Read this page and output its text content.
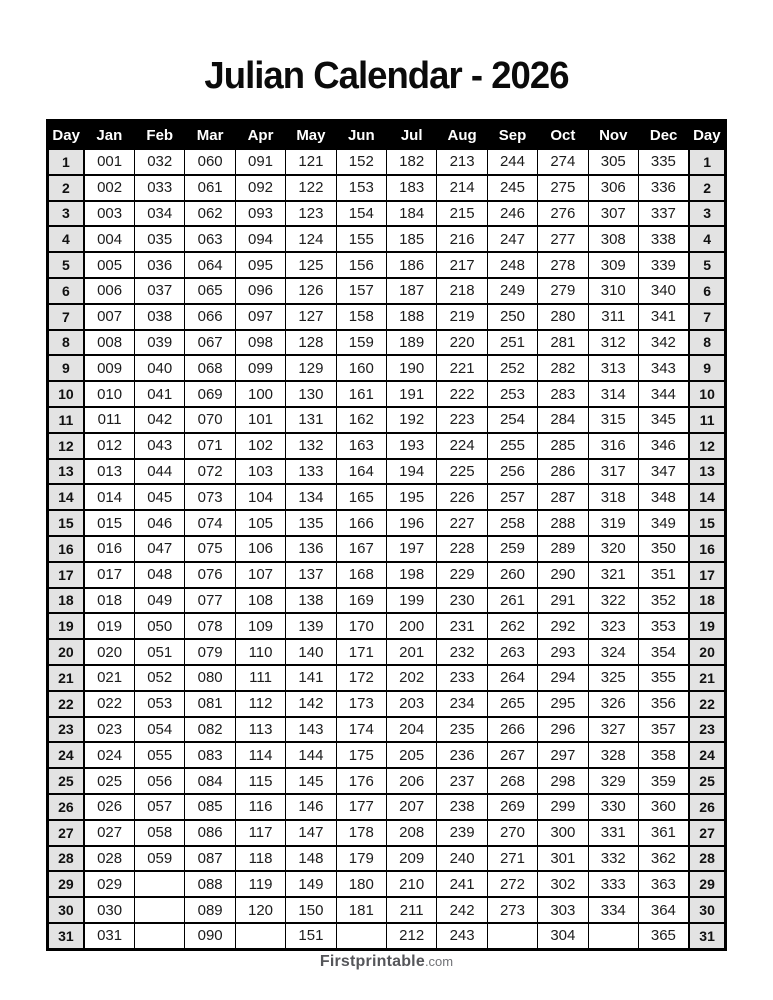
Julian Calendar - 2026
Day	Jan	Feb	Mar	Apr	May	Jun	Jul	Aug	Sep	Oct	Nov	Dec	Day
1	001	032	060	091	121	152	182	213	244	274	305	335	1
2	002	033	061	092	122	153	183	214	245	275	306	336	2
3	003	034	062	093	123	154	184	215	246	276	307	337	3
4	004	035	063	094	124	155	185	216	247	277	308	338	4
5	005	036	064	095	125	156	186	217	248	278	309	339	5
6	006	037	065	096	126	157	187	218	249	279	310	340	6
7	007	038	066	097	127	158	188	219	250	280	311	341	7
8	008	039	067	098	128	159	189	220	251	281	312	342	8
9	009	040	068	099	129	160	190	221	252	282	313	343	9
10	010	041	069	100	130	161	191	222	253	283	314	344	10
11	011	042	070	101	131	162	192	223	254	284	315	345	11
12	012	043	071	102	132	163	193	224	255	285	316	346	12
13	013	044	072	103	133	164	194	225	256	286	317	347	13
14	014	045	073	104	134	165	195	226	257	287	318	348	14
15	015	046	074	105	135	166	196	227	258	288	319	349	15
16	016	047	075	106	136	167	197	228	259	289	320	350	16
17	017	048	076	107	137	168	198	229	260	290	321	351	17
18	018	049	077	108	138	169	199	230	261	291	322	352	18
19	019	050	078	109	139	170	200	231	262	292	323	353	19
20	020	051	079	110	140	171	201	232	263	293	324	354	20
21	021	052	080	111	141	172	202	233	264	294	325	355	21
22	022	053	081	112	142	173	203	234	265	295	326	356	22
23	023	054	082	113	143	174	204	235	266	296	327	357	23
24	024	055	083	114	144	175	205	236	267	297	328	358	24
25	025	056	084	115	145	176	206	237	268	298	329	359	25
26	026	057	085	116	146	177	207	238	269	299	330	360	26
27	027	058	086	117	147	178	208	239	270	300	331	361	27
28	028	059	087	118	148	179	209	240	271	301	332	362	28
29	029		088	119	149	180	210	241	272	302	333	363	29
30	030		089	120	150	181	211	242	273	303	334	364	30
31	031		090		151		212	243		304		365	31
Firstprintable.com
